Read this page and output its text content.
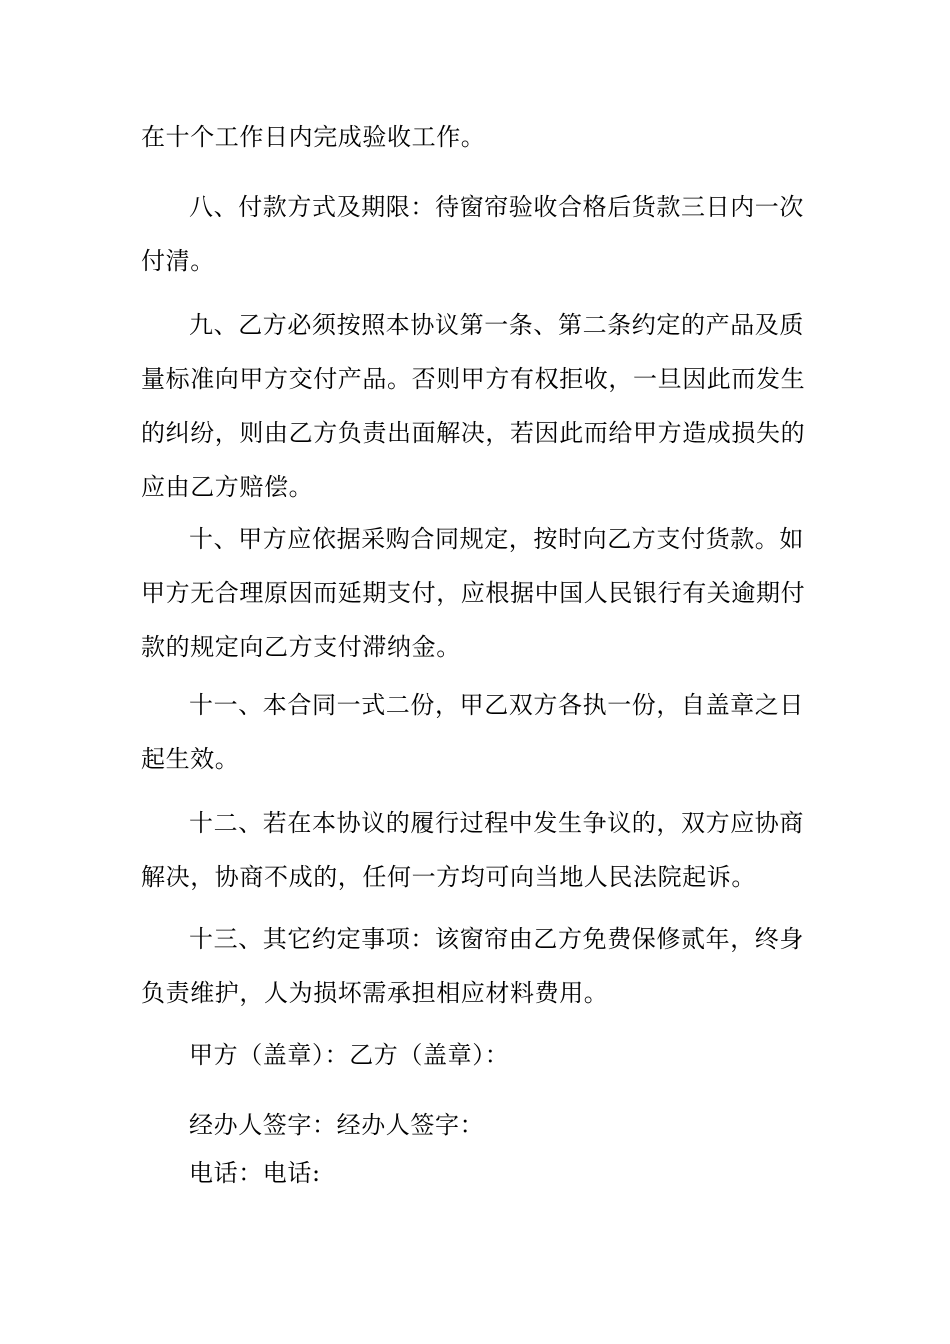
在十个工作日内完成验收工作。

八、付款方式及期限：待窗帘验收合格后货款三日内一次付清。

九、乙方必须按照本协议第一条、第二条约定的产品及质量标准向甲方交付产品。否则甲方有权拒收，一旦因此而发生的纠纷，则由乙方负责出面解决，若因此而给甲方造成损失的应由乙方赔偿。

十、甲方应依据采购合同规定，按时向乙方支付货款。如甲方无合理原因而延期支付，应根据中国人民银行有关逾期付款的规定向乙方支付滞纳金。

十一、本合同一式二份，甲乙双方各执一份，自盖章之日起生效。

十二、若在本协议的履行过程中发生争议的，双方应协商解决，协商不成的，任何一方均可向当地人民法院起诉。

十三、其它约定事项：该窗帘由乙方免费保修贰年，终身负责维护，人为损坏需承担相应材料费用。

甲方（盖章）：乙方（盖章）：

经办人签字：经办人签字：

电话：电话:
